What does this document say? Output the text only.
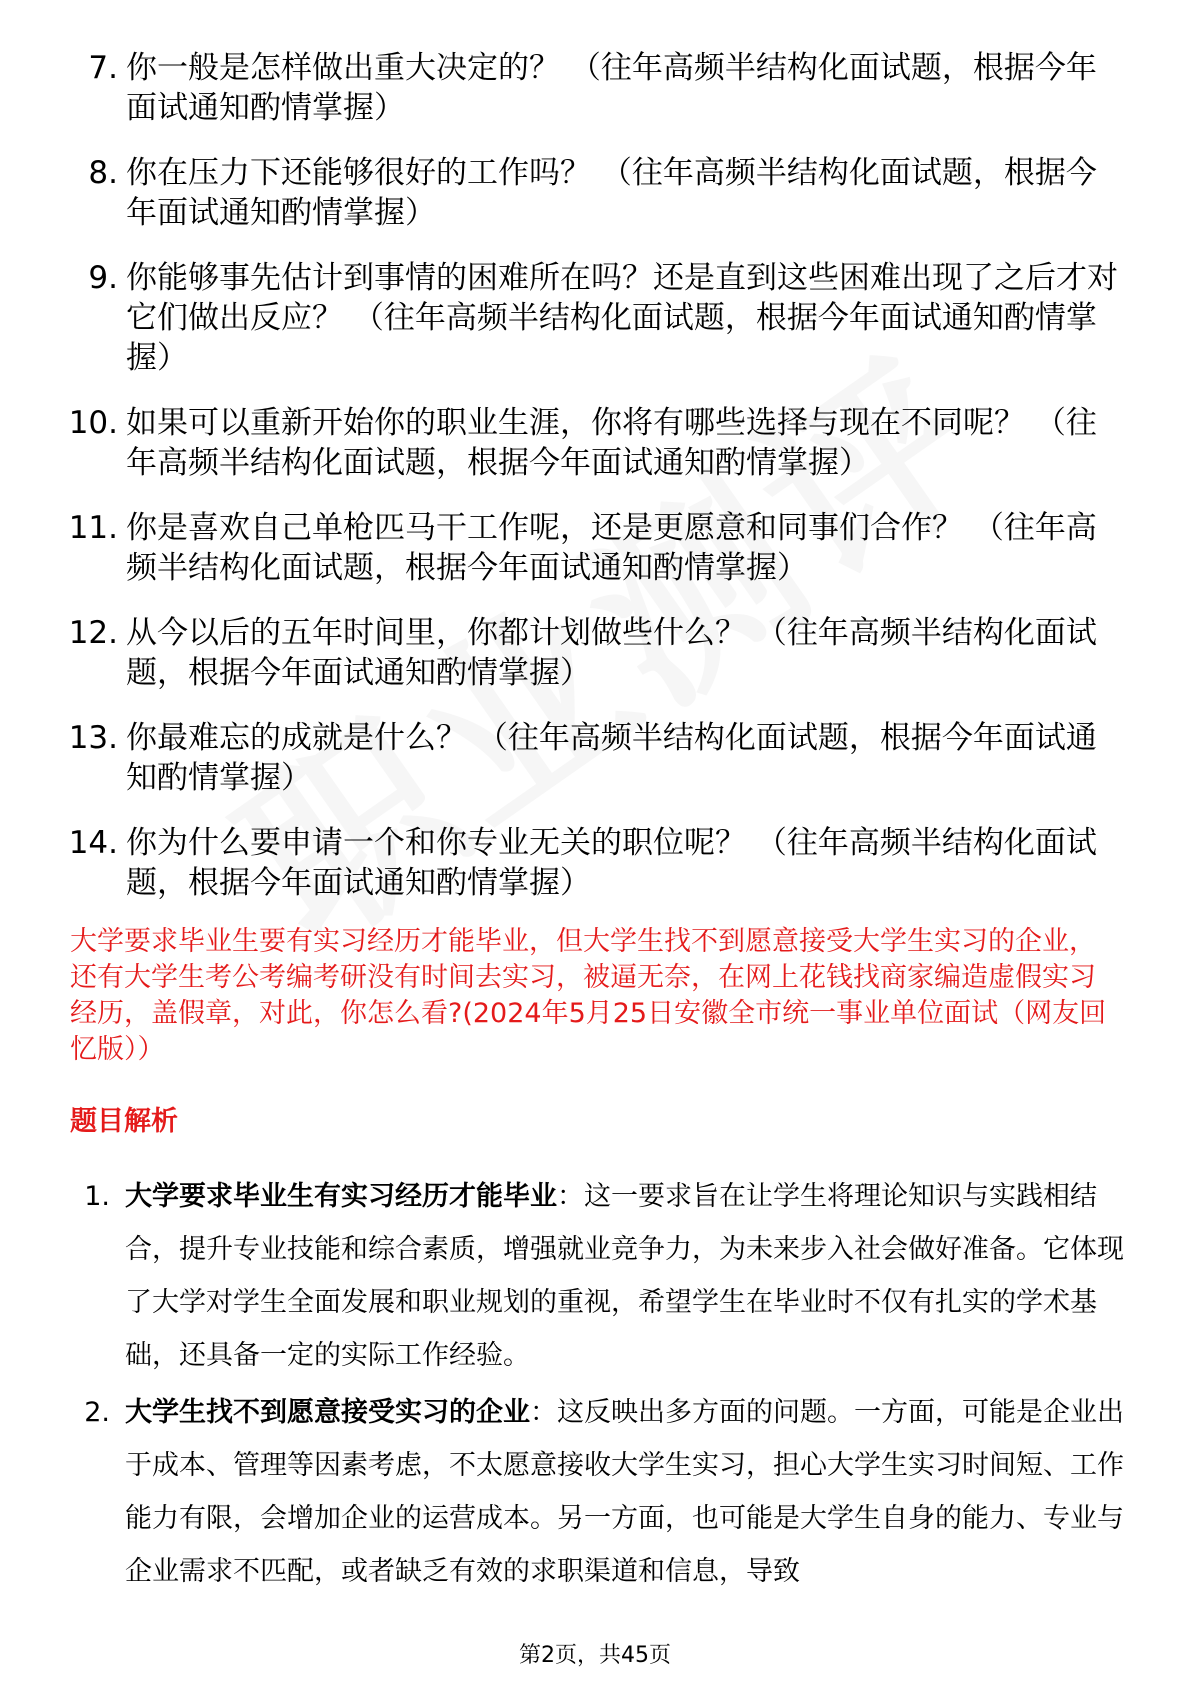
7. 你一般是怎样做出重大决定的？ （往年高频半结构化面试题，根据今年面试通知酌情掌握）
8. 你在压力下还能够很好的工作吗？ （往年高频半结构化面试题，根据今年面试通知酌情掌握）
9. 你能够事先估计到事情的困难所在吗？还是直到这些困难出现了之后才对它们做出反应？ （往年高频半结构化面试题，根据今年面试通知酌情掌握）
10. 如果可以重新开始你的职业生涯，你将有哪些选择与现在不同呢？ （往年高频半结构化面试题，根据今年面试通知酌情掌握）
11. 你是喜欢自己单枪匹马干工作呢，还是更愿意和同事们合作？ （往年高频半结构化面试题，根据今年面试通知酌情掌握）
12. 从今以后的五年时间里，你都计划做些什么？ （往年高频半结构化面试题，根据今年面试通知酌情掌握）
13. 你最难忘的成就是什么？ （往年高频半结构化面试题，根据今年面试通知酌情掌握）
14. 你为什么要申请一个和你专业无关的职位呢？ （往年高频半结构化面试题，根据今年面试通知酌情掌握）
大学要求毕业生要有实习经历才能毕业，但大学生找不到愿意接受大学生实习的企业，还有大学生考公考编考研没有时间去实习，被逼无奈，在网上花钱找商家编造虚假实习经历，盖假章，对此，你怎么看?(2024年5月25日安徽全市统一事业单位面试（网友回忆版））
题目解析
1. 大学要求毕业生有实习经历才能毕业：这一要求旨在让学生将理论知识与实践相结合，提升专业技能和综合素质，增强就业竞争力，为未来步入社会做好准备。它体现了大学对学生全面发展和职业规划的重视，希望学生在毕业时不仅有扎实的学术基础，还具备一定的实际工作经验。
2. 大学生找不到愿意接受实习的企业：这反映出多方面的问题。一方面，可能是企业出于成本、管理等因素考虑，不太愿意接收大学生实习，担心大学生实习时间短、工作能力有限，会增加企业的运营成本。另一方面，也可能是大学生自身的能力、专业与企业需求不匹配，或者缺乏有效的求职渠道和信息，导致
第2页，共45页
